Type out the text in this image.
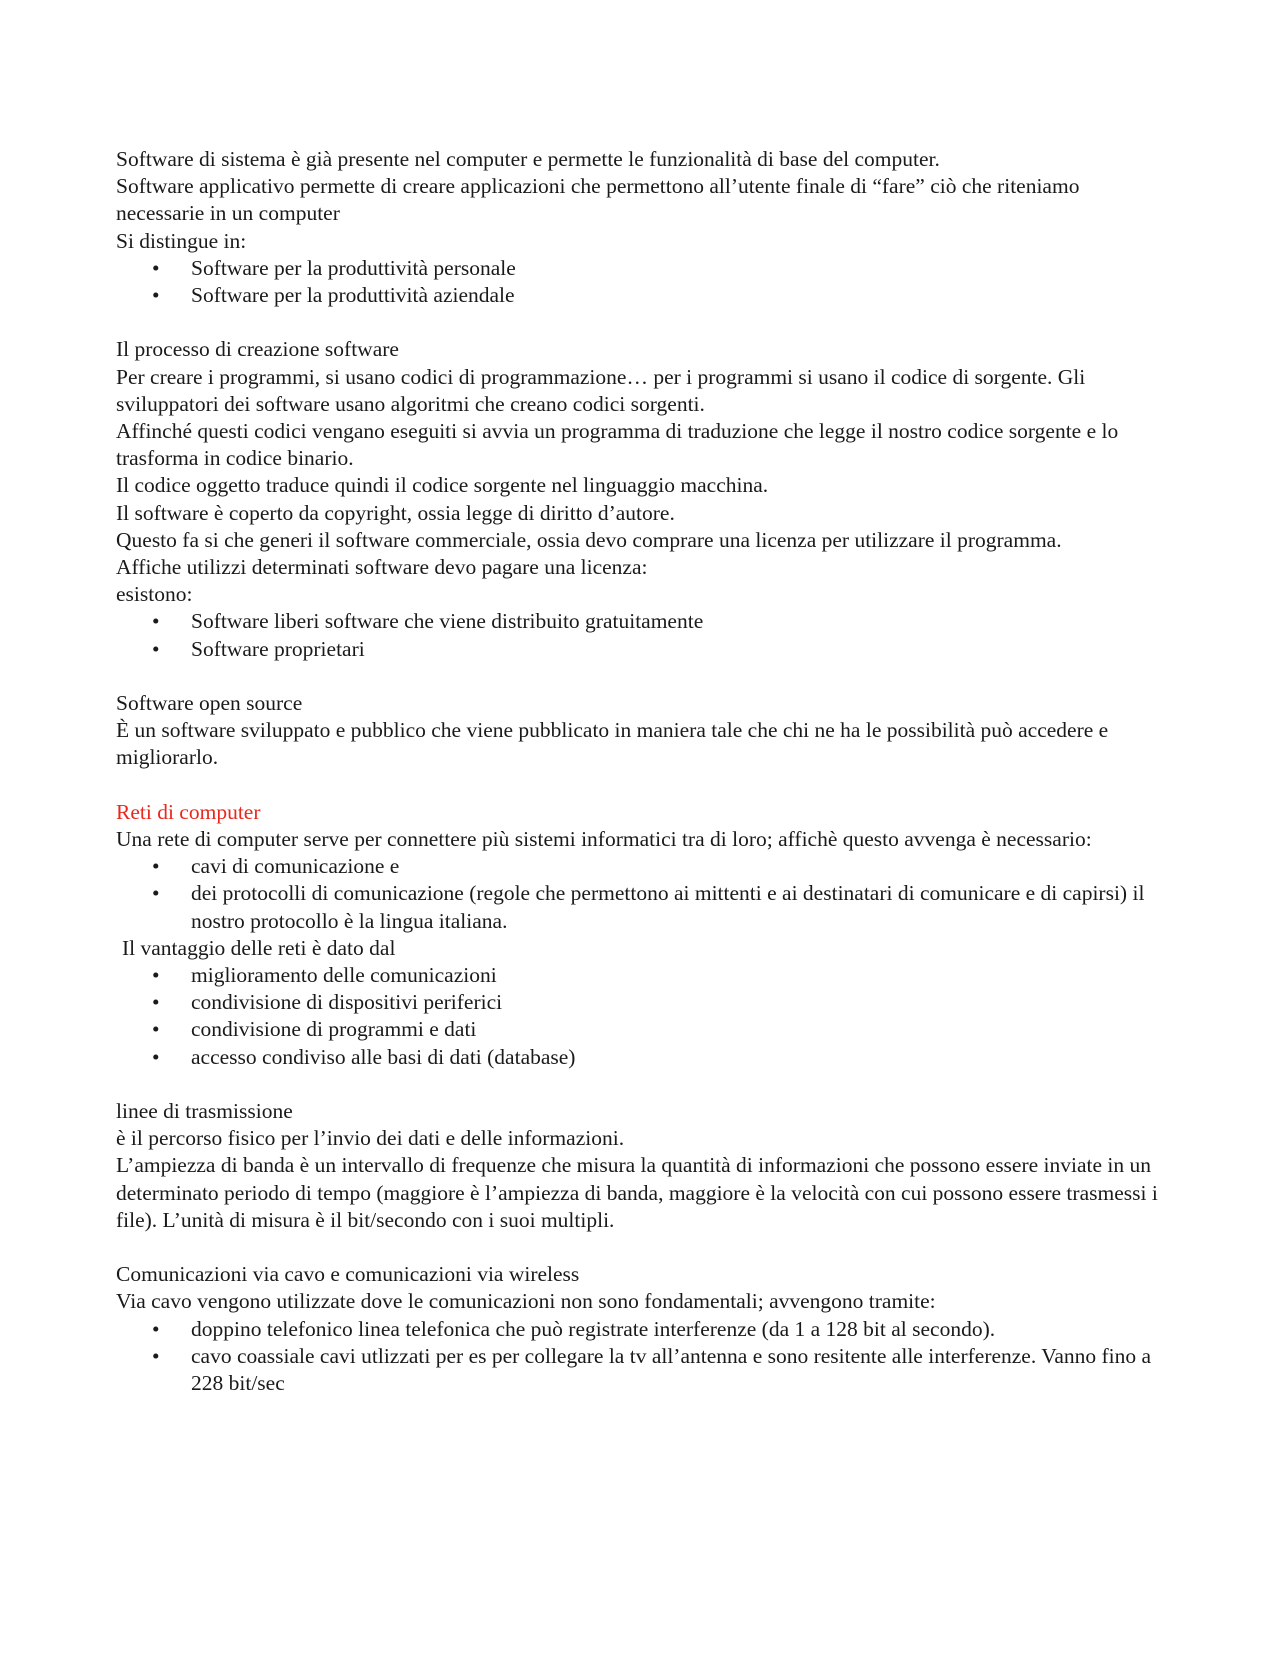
Software di sistema è già presente nel computer e permette le funzionalità di base del computer.

Software applicativo permette di creare applicazioni che permettono all’utente finale di “fare” ciò che riteniamo necessarie in un computer

Si distingue in:

• Software per la produttività personale
• Software per la produttività aziendale

Il processo di creazione software

Per creare i programmi, si usano codici di programmazione… per i programmi si usano il codice di sorgente. Gli sviluppatori dei software usano algoritmi che creano codici sorgenti.

Affinché questi codici vengano eseguiti si avvia un programma di traduzione che legge il nostro codice sorgente e lo trasforma in codice binario.

Il codice oggetto traduce quindi il codice sorgente nel linguaggio macchina.

Il software è coperto da copyright, ossia legge di diritto d’autore.

Questo fa si che generi il software commerciale, ossia devo comprare una licenza per utilizzare il programma.

Affiche utilizzi determinati software devo pagare una licenza:

esistono:

• Software liberi software che viene distribuito gratuitamente
• Software proprietari

Software open source

È un software sviluppato e pubblico che viene pubblicato in maniera tale che chi ne ha le possibilità può accedere e migliorarlo.

Reti di computer

Una rete di computer serve per connettere più sistemi informatici tra di loro; affichè questo avvenga è necessario:

• cavi di comunicazione e
• dei protocolli di comunicazione (regole che permettono ai mittenti e ai destinatari di comunicare e di capirsi) il nostro protocollo è la lingua italiana.

Il vantaggio delle reti è dato dal

• miglioramento delle comunicazioni
• condivisione di dispositivi periferici
• condivisione di programmi e dati
• accesso condiviso alle basi di dati (database)

linee di trasmissione

è il percorso fisico per l’invio dei dati e delle informazioni.

L’ampiezza di banda è un intervallo di frequenze che misura la quantità di informazioni che possono essere inviate in un determinato periodo di tempo (maggiore è l’ampiezza di banda, maggiore è la velocità con cui possono essere trasmessi i file). L’unità di misura è il bit/secondo con i suoi multipli.

Comunicazioni via cavo e comunicazioni via wireless

Via cavo vengono utilizzate dove le comunicazioni non sono fondamentali; avvengono tramite:

• doppino telefonico linea telefonica che può registrate interferenze (da 1 a 128 bit al secondo).
• cavo coassiale cavi utlizzati per es per collegare la tv all’antenna e sono resitente alle interferenze. Vanno fino a 228 bit/sec
